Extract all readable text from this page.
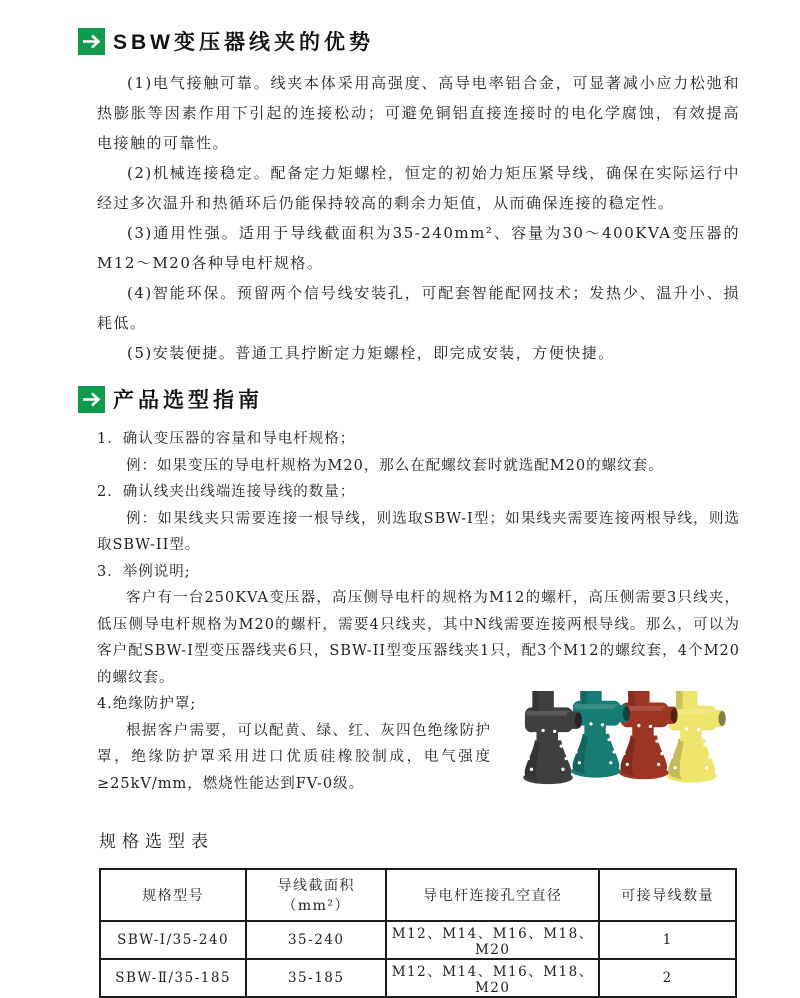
SBW变压器线夹的优势

(1)电气接触可靠。线夹本体采用高强度、高导电率铝合金，可显著减小应力松弛和热膨胀等因素作用下引起的连接松动；可避免铜铝直接连接时的电化学腐蚀，有效提高电接触的可靠性。

(2)机械连接稳定。配备定力矩螺栓，恒定的初始力矩压紧导线，确保在实际运行中经过多次温升和热循环后仍能保持较高的剩余力矩值，从而确保连接的稳定性。

(3)通用性强。适用于导线截面积为35-240mm²、容量为30～400KVA变压器的M12～M20各种导电杆规格。

(4)智能环保。预留两个信号线安装孔，可配套智能配网技术；发热少、温升小、损耗低。

(5)安装便捷。普通工具拧断定力矩螺栓，即完成安装，方便快捷。

产品选型指南

1．确认变压器的容量和导电杆规格；

例：如果变压的导电杆规格为M20，那么在配螺纹套时就选配M20的螺纹套。

2．确认线夹出线端连接导线的数量；

例：如果线夹只需要连接一根导线，则选取SBW-I型；如果线夹需要连接两根导线，则选取SBW-II型。

3．举例说明;

客户有一台250KVA变压器，高压侧导电杆的规格为M12的螺杆，高压侧需要3只线夹，低压侧导电杆规格为M20的螺杆，需要4只线夹，其中N线需要连接两根导线。那么，可以为客户配SBW-I型变压器线夹6只，SBW-II型变压器线夹1只，配3个M12的螺纹套，4个M20的螺纹套。

4.绝缘防护罩;

根据客户需要，可以配黄、绿、红、灰四色绝缘防护罩，绝缘防护罩采用进口优质硅橡胶制成，电气强度≥25kV/mm，燃烧性能达到FV-0级。

规格选型表
规格型号	导线截面积（mm²）	导电杆连接孔空直径	可接导线数量
SBW-Ⅰ/35-240	35-240	M12、M14、M16、M18、M20	1
SBW-Ⅱ/35-185	35-185	M12、M14、M16、M18、M20	2
